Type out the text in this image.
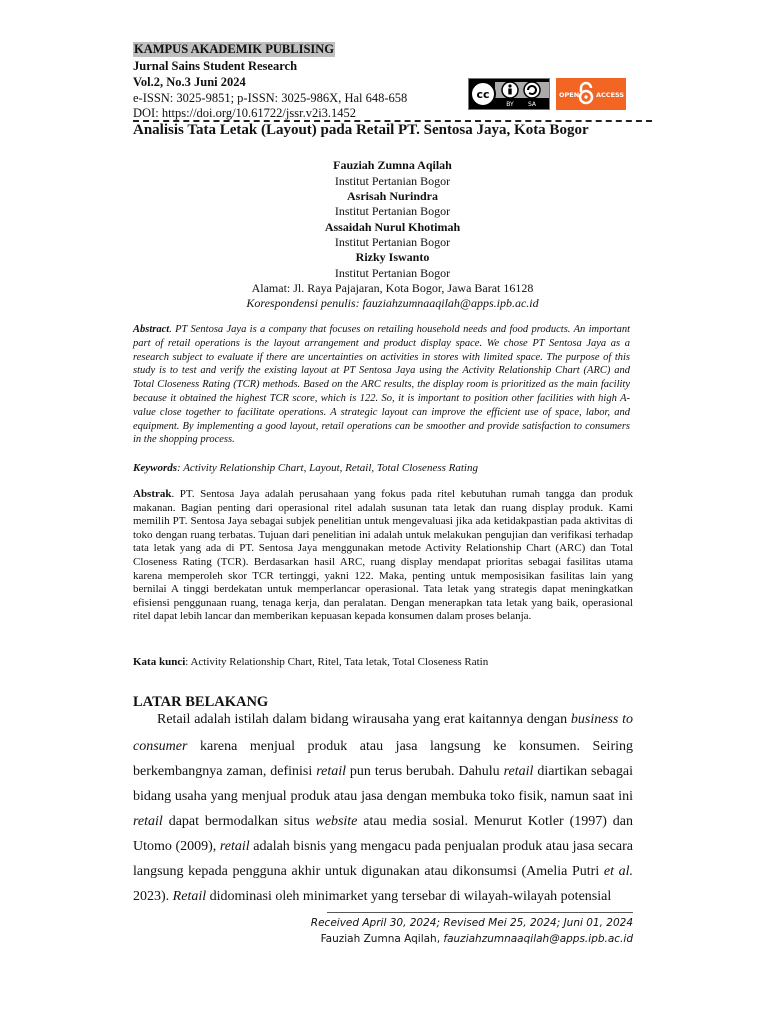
KAMPUS AKADEMIK PUBLISING
Jurnal Sains Student Research
Vol.2, No.3 Juni 2024
e-ISSN: 3025-9851; p-ISSN: 3025-986X, Hal 648-658
DOI: https://doi.org/10.61722/jssr.v2i3.1452
cc
BY SA
OPEN	ACCESS
Analisis Tata Letak (Layout) pada Retail PT. Sentosa Jaya, Kota Bogor
Fauziah Zumna Aqilah
Institut Pertanian Bogor
Asrisah Nurindra
Institut Pertanian Bogor
Assaidah Nurul Khotimah
Institut Pertanian Bogor
Rizky Iswanto
Institut Pertanian Bogor
Alamat: Jl. Raya Pajajaran, Kota Bogor, Jawa Barat 16128
Korespondensi penulis: fauziahzumnaaqilah@apps.ipb.ac.id
Abstract. PT Sentosa Jaya is a company that focuses on retailing household needs and food products. An important part of retail operations is the layout arrangement and product display space. We chose PT Sentosa Jaya as a research subject to evaluate if there are uncertainties on activities in stores with limited space. The purpose of this study is to test and verify the existing layout at PT Sentosa Jaya using the Activity Relationship Chart (ARC) and Total Closeness Rating (TCR) methods. Based on the ARC results, the display room is prioritized as the main facility because it obtained the highest TCR score, which is 122. So, it is important to position other facilities with high A-value close together to facilitate operations. A strategic layout can improve the efficient use of space, labor, and equipment. By implementing a good layout, retail operations can be smoother and provide satisfaction to consumers in the shopping process.
Keywords: Activity Relationship Chart, Layout, Retail, Total Closeness Rating
Abstrak. PT. Sentosa Jaya adalah perusahaan yang fokus pada ritel kebutuhan rumah tangga dan produk makanan. Bagian penting dari operasional ritel adalah susunan tata letak dan ruang display produk. Kami memilih PT. Sentosa Jaya sebagai subjek penelitian untuk mengevaluasi jika ada ketidakpastian pada aktivitas di toko dengan ruang terbatas. Tujuan dari penelitian ini adalah untuk melakukan pengujian dan verifikasi terhadap tata letak yang ada di PT. Sentosa Jaya menggunakan metode Activity Relationship Chart (ARC) dan Total Closeness Rating (TCR). Berdasarkan hasil ARC, ruang display mendapat prioritas sebagai fasilitas utama karena memperoleh skor TCR tertinggi, yakni 122. Maka, penting untuk memposisikan fasilitas lain yang bernilai A tinggi berdekatan untuk memperlancar operasional. Tata letak yang strategis dapat meningkatkan efisiensi penggunaan ruang, tenaga kerja, dan peralatan. Dengan menerapkan tata letak yang baik, operasional ritel dapat lebih lancar dan memberikan kepuasan kepada konsumen dalam proses belanja.
Kata kunci: Activity Relationship Chart, Ritel, Tata letak, Total Closeness Ratin
LATAR BELAKANG
Retail adalah istilah dalam bidang wirausaha yang erat kaitannya dengan business to
consumer karena menjual produk atau jasa langsung ke konsumen. Seiring
berkembangnya zaman, definisi retail pun terus berubah. Dahulu retail diartikan sebagai
bidang usaha yang menjual produk atau jasa dengan membuka toko fisik, namun saat ini
retail dapat bermodalkan situs website atau media sosial. Menurut Kotler (1997) dan
Utomo (2009), retail adalah bisnis yang mengacu pada penjualan produk atau jasa secara
langsung kepada pengguna akhir untuk digunakan atau dikonsumsi (Amelia Putri et al.
2023). Retail didominasi oleh minimarket yang tersebar di wilayah-wilayah potensial
Received April 30, 2024; Revised Mei 25, 2024; Juni 01, 2024
Fauziah Zumna Aqilah, fauziahzumnaaqilah@apps.ipb.ac.id
